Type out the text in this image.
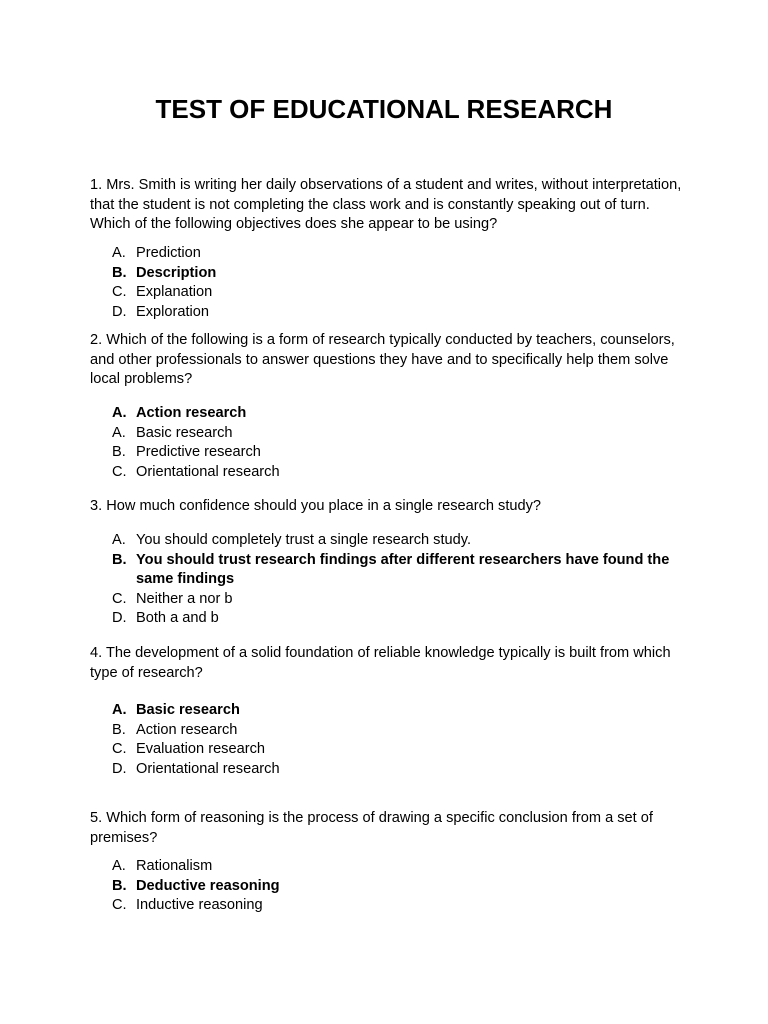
TEST OF EDUCATIONAL RESEARCH

1. Mrs. Smith is writing her daily observations of a student and writes, without interpretation, that the student is not completing the class work and is constantly speaking out of turn. Which of the following objectives does she appear to be using?

A. Prediction
B. Description
C. Explanation
D. Exploration

2. Which of the following is a form of research typically conducted by teachers, counselors, and other professionals to answer questions they have and to specifically help them solve local problems?

A. Action research
A. Basic research
B. Predictive research
C. Orientational research

3. How much confidence should you place in a single research study?

A. You should completely trust a single research study.
B. You should trust research findings after different researchers have found the same findings
C. Neither a nor b
D. Both a and b

4. The development of a solid foundation of reliable knowledge typically is built from which type of research?

A. Basic research
B. Action research
C. Evaluation research
D. Orientational research

5. Which form of reasoning is the process of drawing a specific conclusion from a set of premises?

A. Rationalism
B. Deductive reasoning
C. Inductive reasoning
